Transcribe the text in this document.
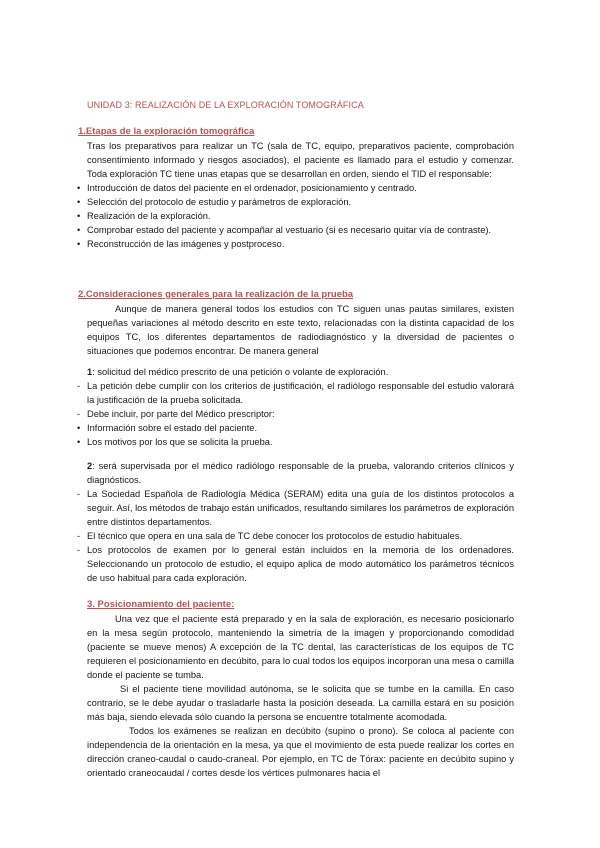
UNIDAD 3: REALIZACIÓN DE LA EXPLORACIÓN TOMOGRÁFICA
1.Etapas de la exploración tomográfica

Tras los preparativos para realizar un TC (sala de TC, equipo, preparativos paciente, comprobación consentimiento informado y riesgos asociados), el paciente es llamado para el estudio y comenzar. Toda exploración TC tiene unas etapas que se desarrollan en orden, siendo el TID el responsable:

• Introducción de datos del paciente en el ordenador, posicionamiento y centrado.
• Selección del protocolo de estudio y parámetros de exploración.
• Realización de la exploración.
• Comprobar estado del paciente y acompañar al vestuario (si es necesario quitar vía de contraste).
• Reconstrucción de las imágenes y postproceso.
2.Consideraciones generales para la realización de la prueba

Aunque de manera general todos los estudios con TC siguen unas pautas similares, existen pequeñas variaciones al método descrito en este texto, relacionadas con la distinta capacidad de los equipos TC, los diferentes departamentos de radiodiagnóstico y la diversidad de pacientes o situaciones que podemos encontrar. De manera general

1: solicitud del médico prescrito de una petición o volante de exploración.

- La petición debe cumplir con los criterios de justificación, el radiólogo responsable del estudio valorará la justificación de la prueba solicitada.
- Debe incluir, por parte del Médico prescriptor:
• Información sobre el estado del paciente.
• Los motivos por los que se solicita la prueba.

2: será supervisada por el médico radiólogo responsable de la prueba, valorando criterios clínicos y diagnósticos.

- La Sociedad Española de Radiología Médica (SERAM) edita una guía de los distintos protocolos a seguir. Así, los métodos de trabajo están unificados, resultando similares los parámetros de exploración entre distintos departamentos.
- El técnico que opera en una sala de TC debe conocer los protocolos de estudio habituales.
- Los protocolos de examen por lo general están incluidos en la memoria de los ordenadores. Seleccionando un protocolo de estudio, el equipo aplica de modo automático los parámetros técnicos de uso habitual para cada exploración.
3. Posicionamiento del paciente:

Una vez que el paciente está preparado y en la sala de exploración, es necesario posicionarlo en la mesa según protocolo, manteniendo la simetría de la imagen y proporcionando comodidad (paciente se mueve menos) A excepción de la TC dental, las características de los equipos de TC requieren el posicionamiento en decúbito, para lo cual todos los equipos incorporan una mesa o camilla donde el paciente se tumba.

Si el paciente tiene movilidad autónoma, se le solicita que se tumbe en la camilla. En caso contrario, se le debe ayudar o trasladarle hasta la posición deseada. La camilla estará en su posición más baja, siendo elevada sólo cuando la persona se encuentre totalmente acomodada.

Todos los exámenes se realizan en decúbito (supino o prono). Se coloca al paciente con independencia de la orientación en la mesa, ya que el movimiento de esta puede realizar los cortes en dirección craneo-caudal o caudo-craneal. Por ejemplo, en TC de Tórax: paciente en decúbito supino y orientado craneocaudal / cortes desde los vértices pulmonares hacia el
